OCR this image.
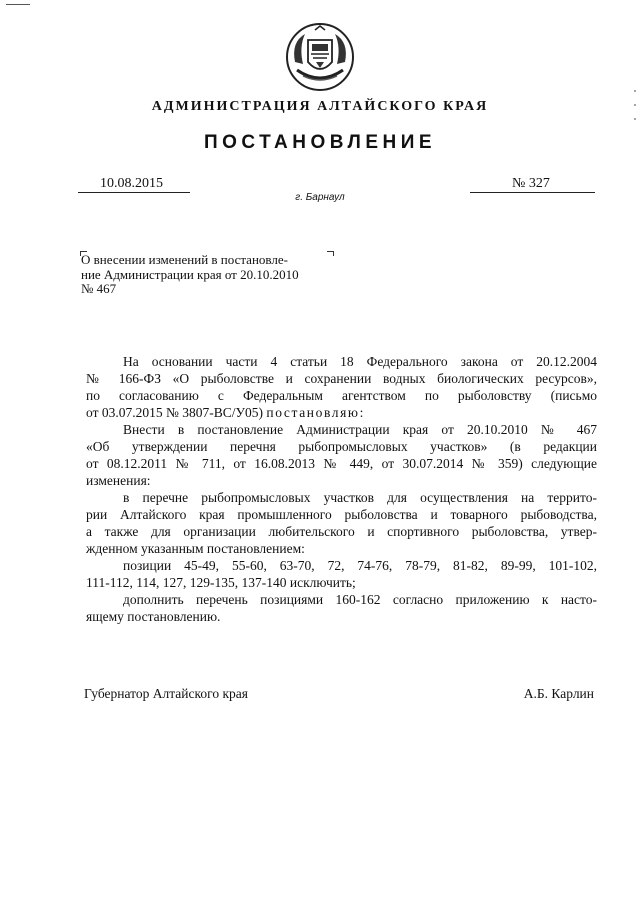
АДМИНИСТРАЦИЯ АЛТАЙСКОГО КРАЯ
ПОСТАНОВЛЕНИЕ
10.08.2015	№ 327
г. Барнаул
О внесении изменений в постановле-
ние Администрации края от 20.10.2010
№ 467

На основании части 4 статьи 18 Федерального закона от 20.12.2004

№ 166-ФЗ «О рыболовстве и сохранении водных биологических ресурсов»,

по согласованию с Федеральным агентством по рыболовству (письмо

от 03.07.2015 № 3807-ВС/У05) постановляю:

Внести в постановление Администрации края от 20.10.2010 № 467

«Об утверждении перечня рыбопромысловых участков» (в редакции

от 08.12.2011 № 711, от 16.08.2013 № 449, от 30.07.2014 № 359) следующие

изменения:

в перечне рыбопромысловых участков для осуществления на террито-

рии Алтайского края промышленного рыболовства и товарного рыбоводства,

а также для организации любительского и спортивного рыболовства, утвер-

жденном указанным постановлением:

позиции 45-49, 55-60, 63-70, 72, 74-76, 78-79, 81-82, 89-99, 101-102,

111-112, 114, 127, 129-135, 137-140 исключить;

дополнить перечень позициями 160-162 согласно приложению к насто-

ящему постановлению.

Губернатор Алтайского края	А.Б. Карлин
